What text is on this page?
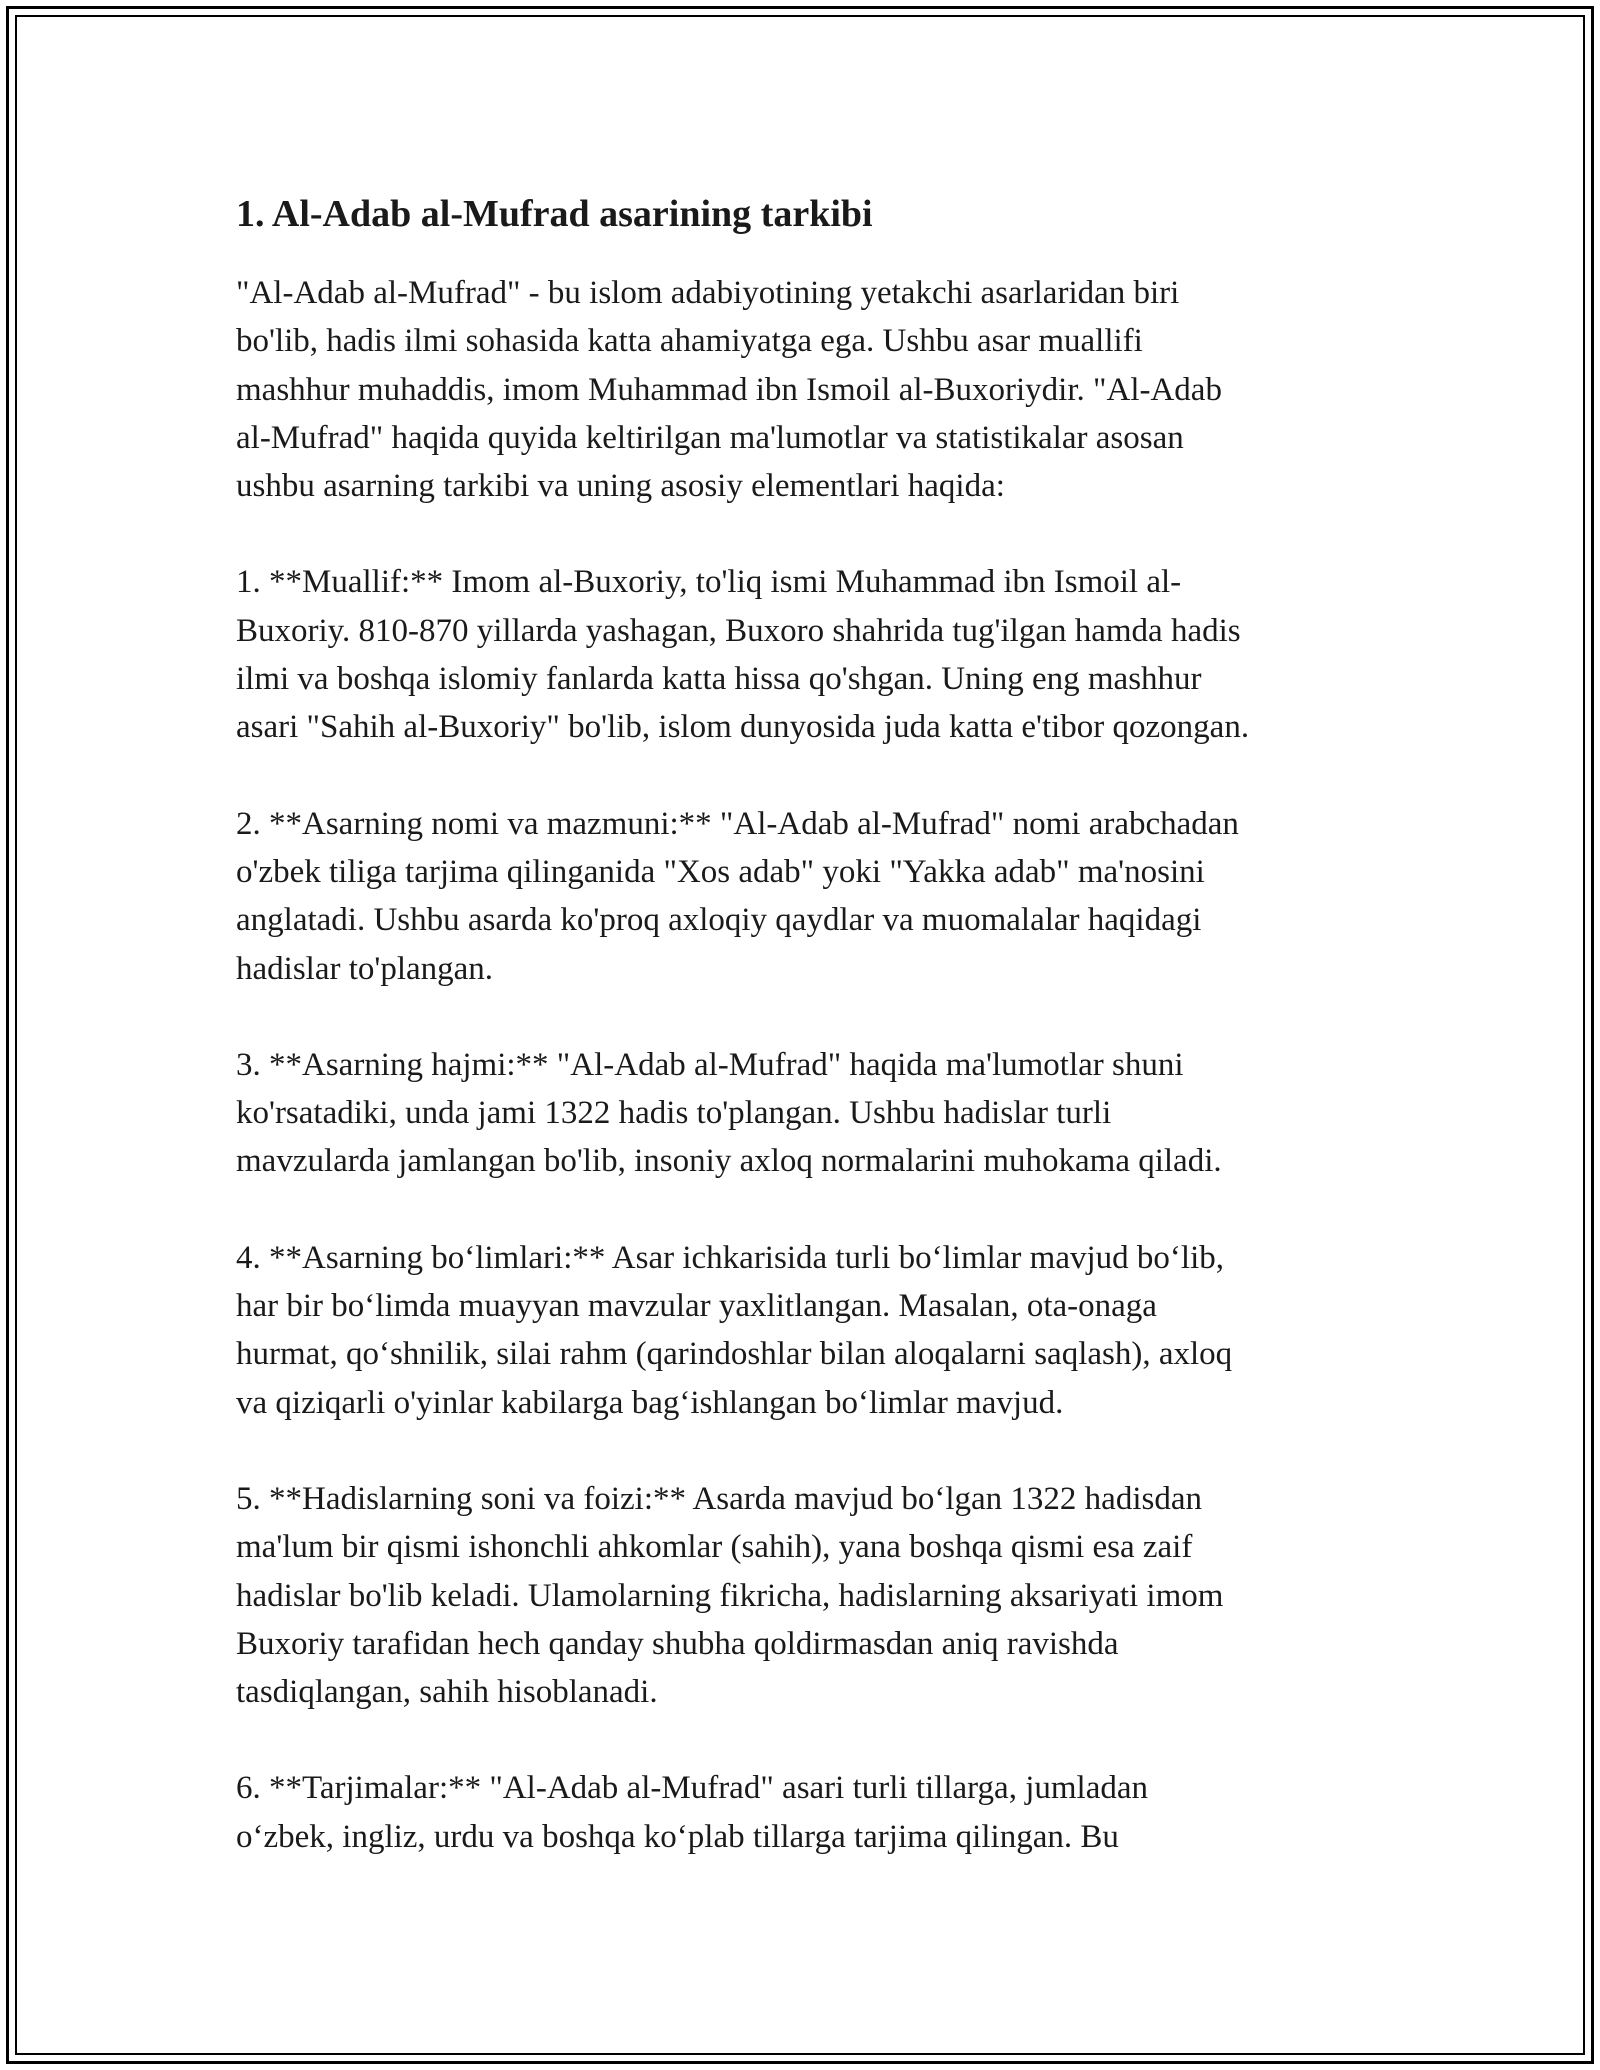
1. Al-Adab al-Mufrad asarining tarkibi

"Al-Adab al-Mufrad" - bu islom adabiyotining yetakchi asarlaridan biri
bo'lib, hadis ilmi sohasida katta ahamiyatga ega. Ushbu asar muallifi
mashhur muhaddis, imom Muhammad ibn Ismoil al-Buxoriydir. "Al-Adab
al-Mufrad" haqida quyida keltirilgan ma'lumotlar va statistikalar asosan
ushbu asarning tarkibi va uning asosiy elementlari haqida:

1. **Muallif:** Imom al-Buxoriy, to'liq ismi Muhammad ibn Ismoil al-
Buxoriy. 810-870 yillarda yashagan, Buxoro shahrida tug'ilgan hamda hadis
ilmi va boshqa islomiy fanlarda katta hissa qo'shgan. Uning eng mashhur
asari "Sahih al-Buxoriy" bo'lib, islom dunyosida juda katta e'tibor qozongan.

2. **Asarning nomi va mazmuni:** "Al-Adab al-Mufrad" nomi arabchadan
o'zbek tiliga tarjima qilinganida "Xos adab" yoki "Yakka adab" ma'nosini
anglatadi. Ushbu asarda ko'proq axloqiy qaydlar va muomalalar haqidagi
hadislar to'plangan.

3. **Asarning hajmi:** "Al-Adab al-Mufrad" haqida ma'lumotlar shuni
ko'rsatadiki, unda jami 1322 hadis to'plangan. Ushbu hadislar turli
mavzularda jamlangan bo'lib, insoniy axloq normalarini muhokama qiladi.

4. **Asarning bo‘limlari:** Asar ichkarisida turli bo‘limlar mavjud bo‘lib,
har bir bo‘limda muayyan mavzular yaxlitlangan. Masalan, ota-onaga
hurmat, qo‘shnilik, silai rahm (qarindoshlar bilan aloqalarni saqlash), axloq
va qiziqarli o'yinlar kabilarga bag‘ishlangan bo‘limlar mavjud.

5. **Hadislarning soni va foizi:** Asarda mavjud bo‘lgan 1322 hadisdan
ma'lum bir qismi ishonchli ahkomlar (sahih), yana boshqa qismi esa zaif
hadislar bo'lib keladi. Ulamolarning fikricha, hadislarning aksariyati imom
Buxoriy tarafidan hech qanday shubha qoldirmasdan aniq ravishda
tasdiqlangan, sahih hisoblanadi.

6. **Tarjimalar:** "Al-Adab al-Mufrad" asari turli tillarga, jumladan
o‘zbek, ingliz, urdu va boshqa ko‘plab tillarga tarjima qilingan. Bu
